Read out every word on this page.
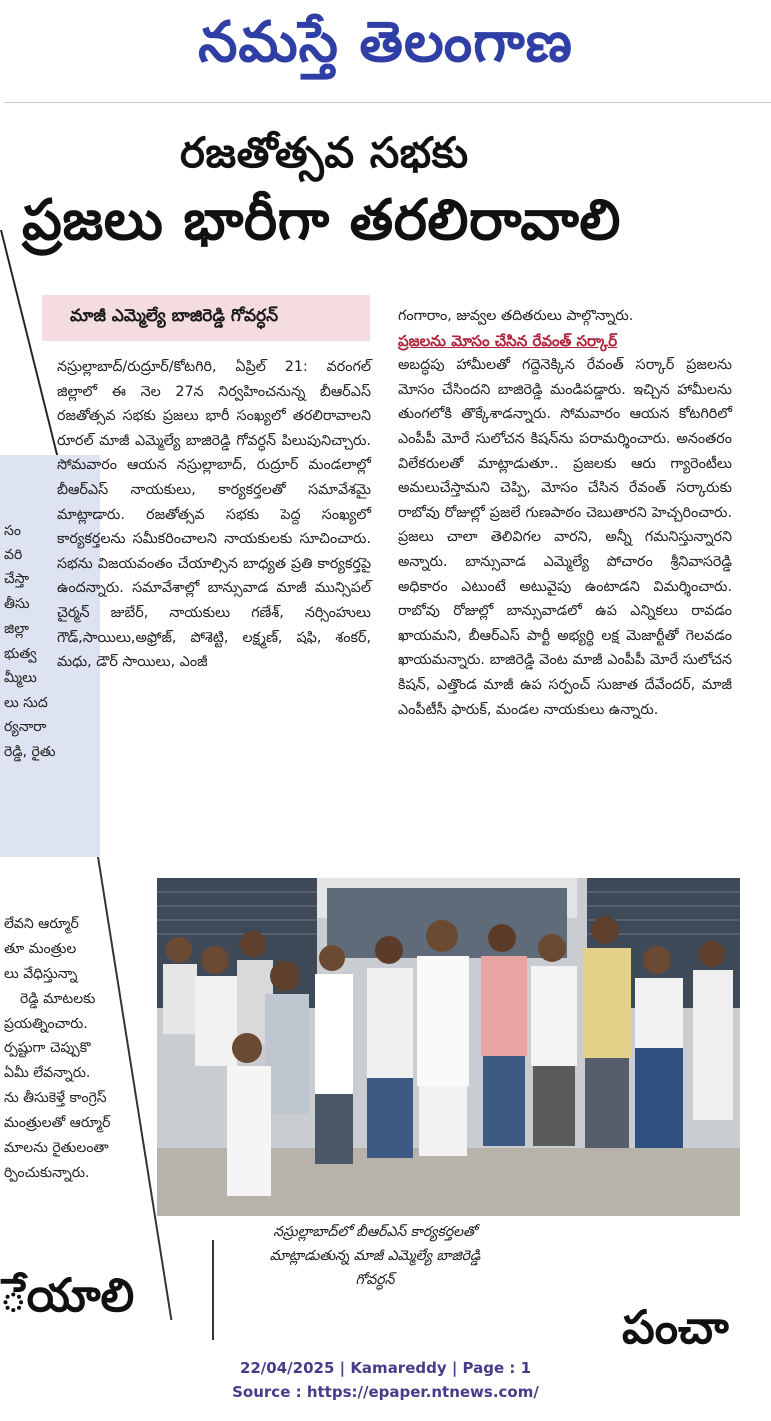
నమస్తే తెలంగాణ

సం

వరి

చేస్తా

తీసు

జిల్లా

భుత్వ

మ్మీలు

లు సుద

ర్యనారా

రెడ్డి, రైతు

లేవని ఆర్మూర్

తూ మంత్రుల

లు వేధిస్తున్నా

రెడ్డి మాటలకు

ప్రయత్నించారు.

ర్పష్టుగా చెప్పుకొ

ఏమీ లేవన్నారు.

ను తీసుకెళ్తే కాంగ్రెస్

మంత్రులతో ఆర్మూర్

మాలను రైతులంతా

ర్పించుకున్నారు.

రజతోత్సవ సభకు
ప్రజలు భారీగా తరలిరావాలి
మాజీ ఎమ్మెల్యే బాజిరెడ్డి గోవర్ధన్
నస్రుల్లాబాద్/రుద్రూర్/కోటగిరి, ఏప్రిల్ 21: వరంగల్ జిల్లాలో ఈ నెల 27న నిర్వహించనున్న బీఆర్ఎస్ రజతోత్సవ సభకు ప్రజలు భారీ సంఖ్యలో తరలిరావాలని రూరల్ మాజీ ఎమ్మెల్యే బాజిరెడ్డి గోవర్ధన్ పిలుపునిచ్చారు. సోమవారం ఆయన నస్రుల్లాబాద్, రుద్రూర్ మండలాల్లో బీఆర్ఎస్ నాయకులు, కార్యకర్తలతో సమావేశమై మాట్లాడారు. రజతోత్సవ సభకు పెద్ద సంఖ్యలో కార్యకర్తలను సమీకరించాలని నాయకులకు సూచించారు. సభను విజయవంతం చేయాల్సిన బాధ్యత ప్రతి కార్యకర్తపై ఉందన్నారు. సమావేశాల్లో బాన్సువాడ మాజీ మున్సిపల్ చైర్మన్ జుబేర్, నాయకులు గణేశ్, నర్సింహులు గౌడ్,సాయిలు,అఫ్రోజ్, పోశెట్టి, లక్ష్మణ్, షఫి, శంకర్, మధు, డౌర్ సాయిలు, ఎంజీ
గంగారాం, జువ్వల తదితరులు పాల్గొన్నారు.
ప్రజలను మోసం చేసిన రేవంత్ సర్కార్
అబద్ధపు హామీలతో గద్దెనెక్కిన రేవంత్ సర్కార్ ప్రజలను మోసం చేసిందని బాజిరెడ్డి మండిపడ్డారు. ఇచ్చిన హామీలను తుంగలోకి తొక్కేశాడన్నారు. సోమవారం ఆయన కోటగిరిలో ఎంపీపీ మోరే సులోచన కిషన్‌ను పరామర్శించారు. అనంతరం విలేకరులతో మాట్లాడుతూ.. ప్రజలకు ఆరు గ్యారెంటీలు అమలుచేస్తామని చెప్పి, మోసం చేసిన రేవంత్ సర్కారుకు రాబోవు రోజుల్లో ప్రజలే గుణపాఠం చెబుతారని హెచ్చరించారు. ప్రజలు చాలా తెలివిగల వారని, అన్నీ గమనిస్తున్నారని అన్నారు. బాన్సువాడ ఎమ్మెల్యే పోచారం శ్రీనివాసరెడ్డి అధికారం ఎటుంటే అటువైపు ఉంటాడని విమర్శించారు. రాబోవు రోజుల్లో బాన్సువాడలో ఉప ఎన్నికలు రావడం ఖాయమని, బీఆర్ఎస్ పార్టీ అభ్యర్థి లక్ష మెజార్టీతో గెలవడం ఖాయమన్నారు. బాజిరెడ్డి వెంట మాజీ ఎంపీపీ మోరే సులోచన కిషన్, ఎత్తొండ మాజీ ఉప సర్పంచ్ సుజాత దేవేందర్, మాజీ ఎంపీటీసీ ఫారుక్, మండల నాయకులు ఉన్నారు.
నస్రుల్లాబాద్‌లో బీఆర్ఎస్ కార్యకర్తలతో
మాట్లాడుతున్న మాజీ ఎమ్మెల్యే బాజిరెడ్డి
గోవర్ధన్
ేయాలి
పంచా
22/04/2025 | Kamareddy | Page : 1
Source : https://epaper.ntnews.com/
